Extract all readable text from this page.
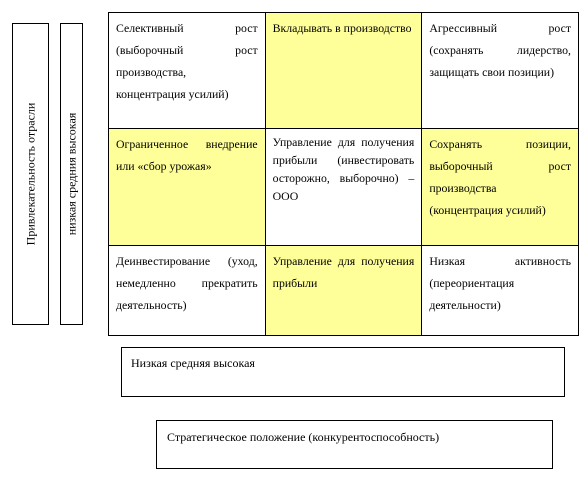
Привлекательность отрасли низкая средния высокая
Селективный рост (выборочный рост производства, концентрация усилий)	Вкладывать в производство	Агрессивный рост (сохранять лидерство, защищать свои позиции)
Ограниченное внедрение или «сбор урожая»	Управление для получения прибыли (инвестировать осторожно, выборочно) – ООО	Сохранять позиции, выборочный рост производства (концентрация усилий)
Деинвестирование (уход, немедленно прекратить деятельность)	Управление для получения прибыли	Низкая активность (переориентация деятельности)
Низкая средняя высокая
Стратегическое положение (конкурентоспособность)
